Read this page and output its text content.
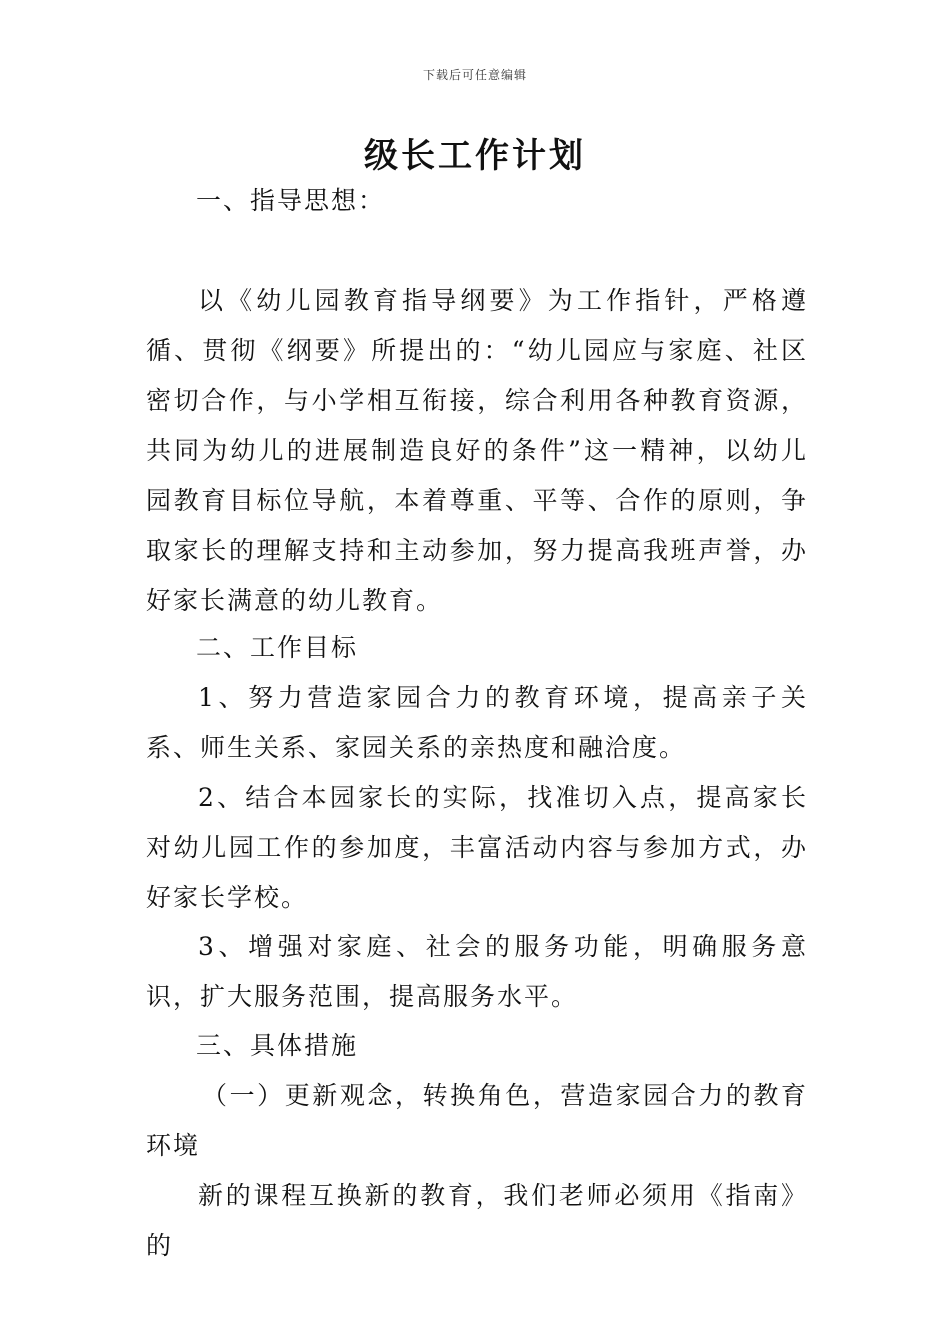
下载后可任意编辑
级长工作计划
一、指导思想：

以《幼儿园教育指导纲要》为工作指针，严格遵循、贯彻《纲要》所提出的：“幼儿园应与家庭、社区密切合作，与小学相互衔接，综合利用各种教育资源，共同为幼儿的进展制造良好的条件”这一精神，以幼儿园教育目标位导航，本着尊重、平等、合作的原则，争取家长的理解支持和主动参加，努力提高我班声誉，办好家长满意的幼儿教育。

二、工作目标

1、努力营造家园合力的教育环境，提高亲子关系、师生关系、家园关系的亲热度和融洽度。

2、结合本园家长的实际，找准切入点，提高家长对幼儿园工作的参加度，丰富活动内容与参加方式，办好家长学校。

3、增强对家庭、社会的服务功能，明确服务意识，扩大服务范围，提高服务水平。

三、具体措施

（一）更新观念，转换角色，营造家园合力的教育环境

新的课程互换新的教育，我们老师必须用《指南》的
